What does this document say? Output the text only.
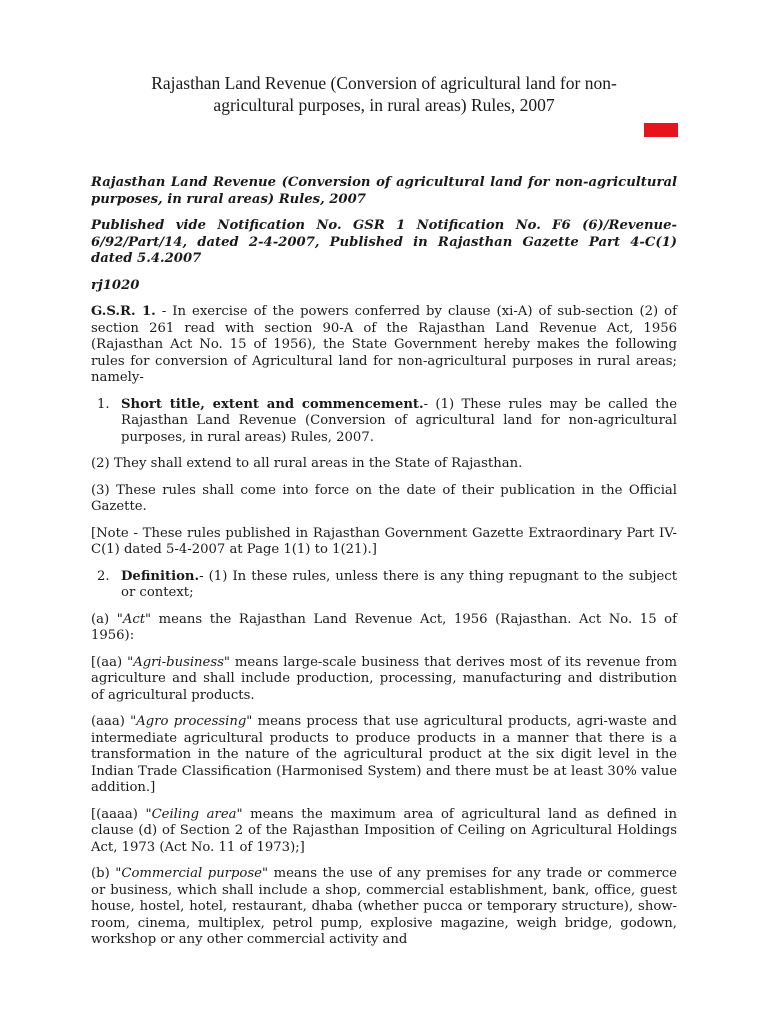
Rajasthan Land Revenue (Conversion of agricultural land for non-
agricultural purposes, in rural areas) Rules, 2007

Rajasthan Land Revenue (Conversion of agricultural land for non-agricultural purposes, in rural areas) Rules, 2007

Published vide Notification No. GSR 1 Notification No. F6 (6)/Revenue-6/92/Part/14, dated 2-4-2007, Published in Rajasthan Gazette Part 4-C(1) dated 5.4.2007

rj1020

G.S.R. 1. - In exercise of the powers conferred by clause (xi-A) of sub-section (2) of section 261 read with section 90-A of the Rajasthan Land Revenue Act, 1956 (Rajasthan Act No. 15 of 1956), the State Government hereby makes the following rules for conversion of Agricultural land for non-agricultural purposes in rural areas; namely-

1. Short title, extent and commencement.- (1) These rules may be called the Rajasthan Land Revenue (Conversion of agricultural land for non-agricultural purposes, in rural areas) Rules, 2007.

(2) They shall extend to all rural areas in the State of Rajasthan.

(3) These rules shall come into force on the date of their publication in the Official Gazette.

[Note - These rules published in Rajasthan Government Gazette Extraordinary Part IV-C(1) dated 5-4-2007 at Page 1(1) to 1(21).]

2. Definition.- (1) In these rules, unless there is any thing repugnant to the subject or context;

(a) "Act" means the Rajasthan Land Revenue Act, 1956 (Rajasthan. Act No. 15 of 1956):

[(aa) "Agri-business" means large-scale business that derives most of its revenue from agriculture and shall include production, processing, manufacturing and distribution of agricultural products.

(aaa) "Agro processing" means process that use agricultural products, agri-waste and intermediate agricultural products to produce products in a manner that there is a transformation in the nature of the agricultural product at the six digit level in the Indian Trade Classification (Harmonised System) and there must be at least 30% value addition.]

[(aaaa) "Ceiling area" means the maximum area of agricultural land as defined in clause (d) of Section 2 of the Rajasthan Imposition of Ceiling on Agricultural Holdings Act, 1973 (Act No. 11 of 1973);]

(b) "Commercial purpose" means the use of any premises for any trade or commerce or business, which shall include a shop, commercial establishment, bank, office, guest house, hostel, hotel, restaurant, dhaba (whether pucca or temporary structure), show-room, cinema, multiplex, petrol pump, explosive magazine, weigh bridge, godown, workshop or any other commercial activity and
